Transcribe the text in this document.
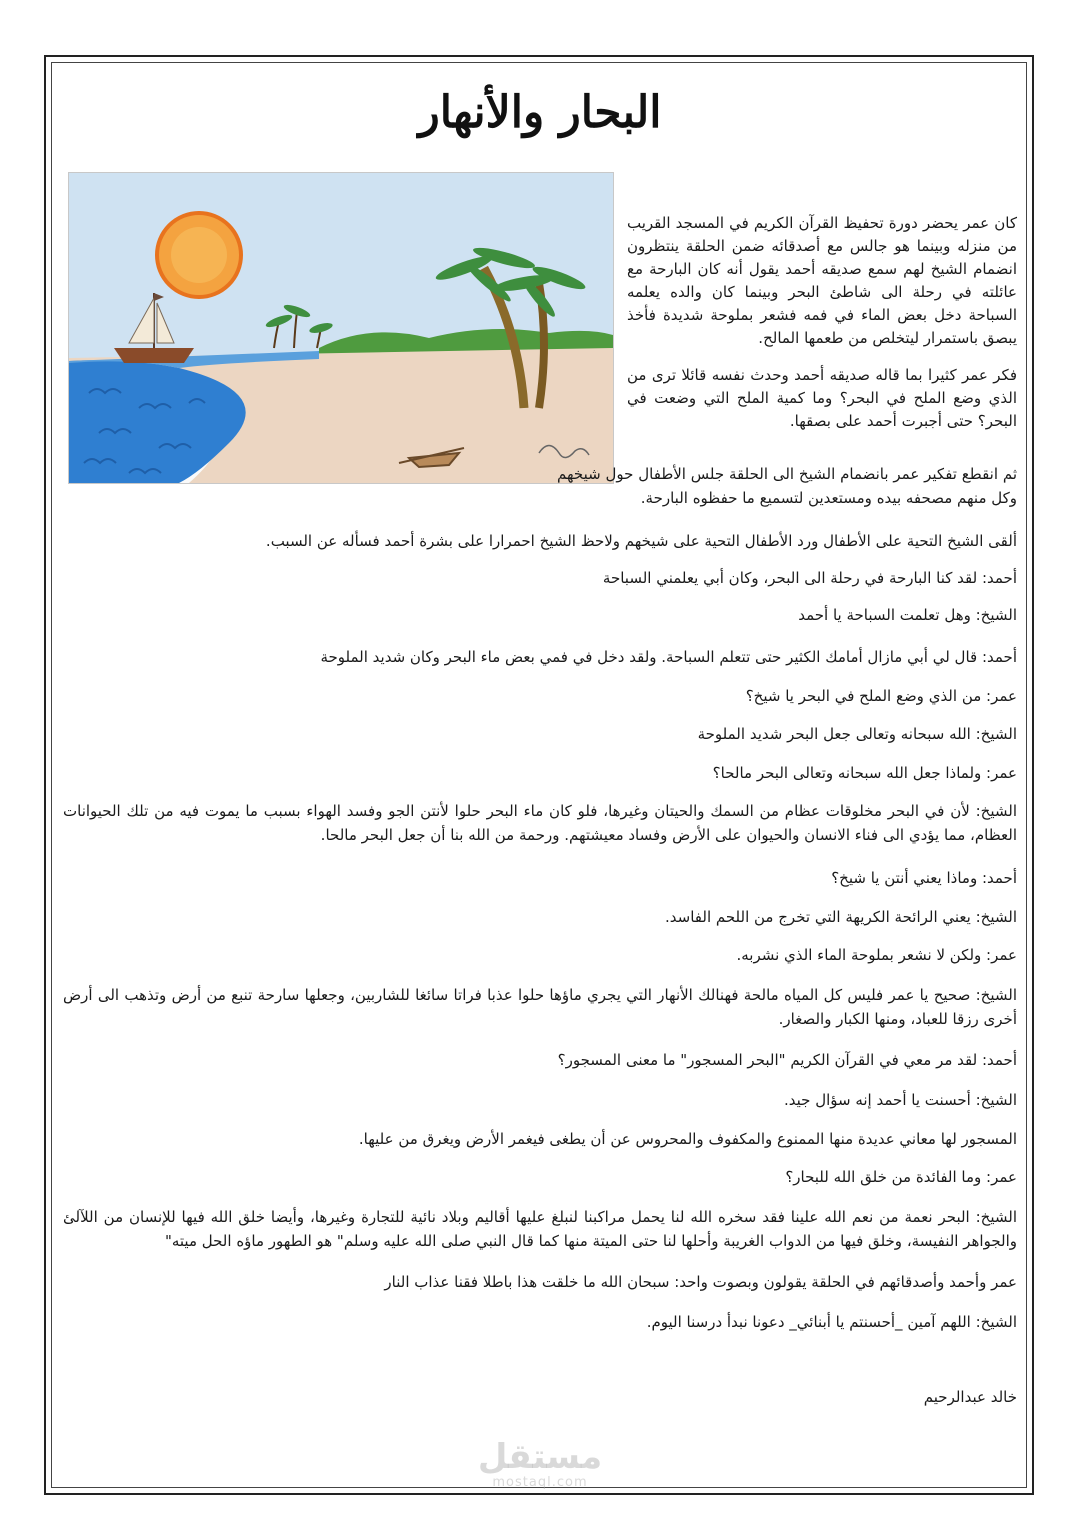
البحار والأنهار

كان عمر يحضر دورة تحفيظ القرآن الكريم في المسجد القريب من منزله وبينما هو جالس مع أصدقائه ضمن الحلقة ينتظرون انضمام الشيخ لهم سمع صديقه أحمد يقول أنه كان البارحة مع عائلته في رحلة الى شاطئ البحر وبينما كان والده يعلمه السباحة دخل بعض الماء في فمه فشعر بملوحة شديدة فأخذ يبصق باستمرار ليتخلص من طعمها المالح.

فكر عمر كثيرا بما قاله صديقه أحمد وحدث نفسه قائلا ترى من الذي وضع الملح في البحر؟ وما كمية الملح التي وضعت في البحر؟ حتى أجبرت أحمد على بصقها.

ثم انقطع تفكير عمر بانضمام الشيخ الى الحلقة جلس الأطفال حول شيخهم وكل منهم مصحفه بيده ومستعدين لتسميع ما حفظوه البارحة.

ألقى الشيخ التحية على الأطفال ورد الأطفال التحية على شيخهم ولاحظ الشيخ احمرارا على بشرة أحمد فسأله عن السبب.

أحمد: لقد كنا البارحة في رحلة الى البحر، وكان أبي يعلمني السباحة

الشيخ: وهل تعلمت السباحة يا أحمد

أحمد: قال لي أبي مازال أمامك الكثير حتى تتعلم السباحة. ولقد دخل في فمي بعض ماء البحر وكان شديد الملوحة

عمر: من الذي وضع الملح في البحر يا شيخ؟

الشيخ: الله سبحانه وتعالى جعل البحر شديد الملوحة

عمر: ولماذا جعل الله سبحانه وتعالى البحر مالحا؟

الشيخ: لأن في البحر مخلوقات عظام من السمك والحيتان وغيرها، فلو كان ماء البحر حلوا لأنتن الجو وفسد الهواء بسبب ما يموت فيه من تلك الحيوانات العظام، مما يؤدي الى فناء الانسان والحيوان على الأرض وفساد معيشتهم. ورحمة من الله بنا أن جعل البحر مالحا.

أحمد: وماذا يعني أنتن يا شيخ؟

الشيخ: يعني الرائحة الكريهة التي تخرج من اللحم الفاسد.

عمر: ولكن لا نشعر بملوحة الماء الذي نشربه.

الشيخ: صحيح يا عمر فليس كل المياه مالحة فهنالك الأنهار التي يجري ماؤها حلوا عذبا فراتا سائغا للشاربين، وجعلها سارحة تنبع من أرض وتذهب الى أرض أخرى رزقا للعباد، ومنها الكبار والصغار.

أحمد: لقد مر معي في القرآن الكريم "البحر المسجور" ما معنى المسجور؟

الشيخ: أحسنت يا أحمد إنه سؤال جيد.

المسجور لها معاني عديدة منها الممنوع والمكفوف والمحروس عن أن يطغى فيغمر الأرض ويغرق من عليها.

عمر: وما الفائدة من خلق الله للبحار؟

الشيخ: البحر نعمة من نعم الله علينا فقد سخره الله لنا يحمل مراكبنا لنبلغ عليها أقاليم وبلاد نائية للتجارة وغيرها، وأيضا خلق الله فيها للإنسان من اللآلئ والجواهر النفيسة، وخلق فيها من الدواب الغريبة وأحلها لنا حتى الميتة منها كما قال النبي صلى الله عليه وسلم" هو الطهور ماؤه الحل ميته"

عمر وأحمد وأصدقائهم في الحلقة يقولون وبصوت واحد: سبحان الله ما خلقت هذا باطلا فقنا عذاب النار

الشيخ: اللهم آمين _أحسنتم يا أبنائي_ دعونا نبدأ درسنا اليوم.

خالد عبدالرحيم

مستقل
mostaql.com
